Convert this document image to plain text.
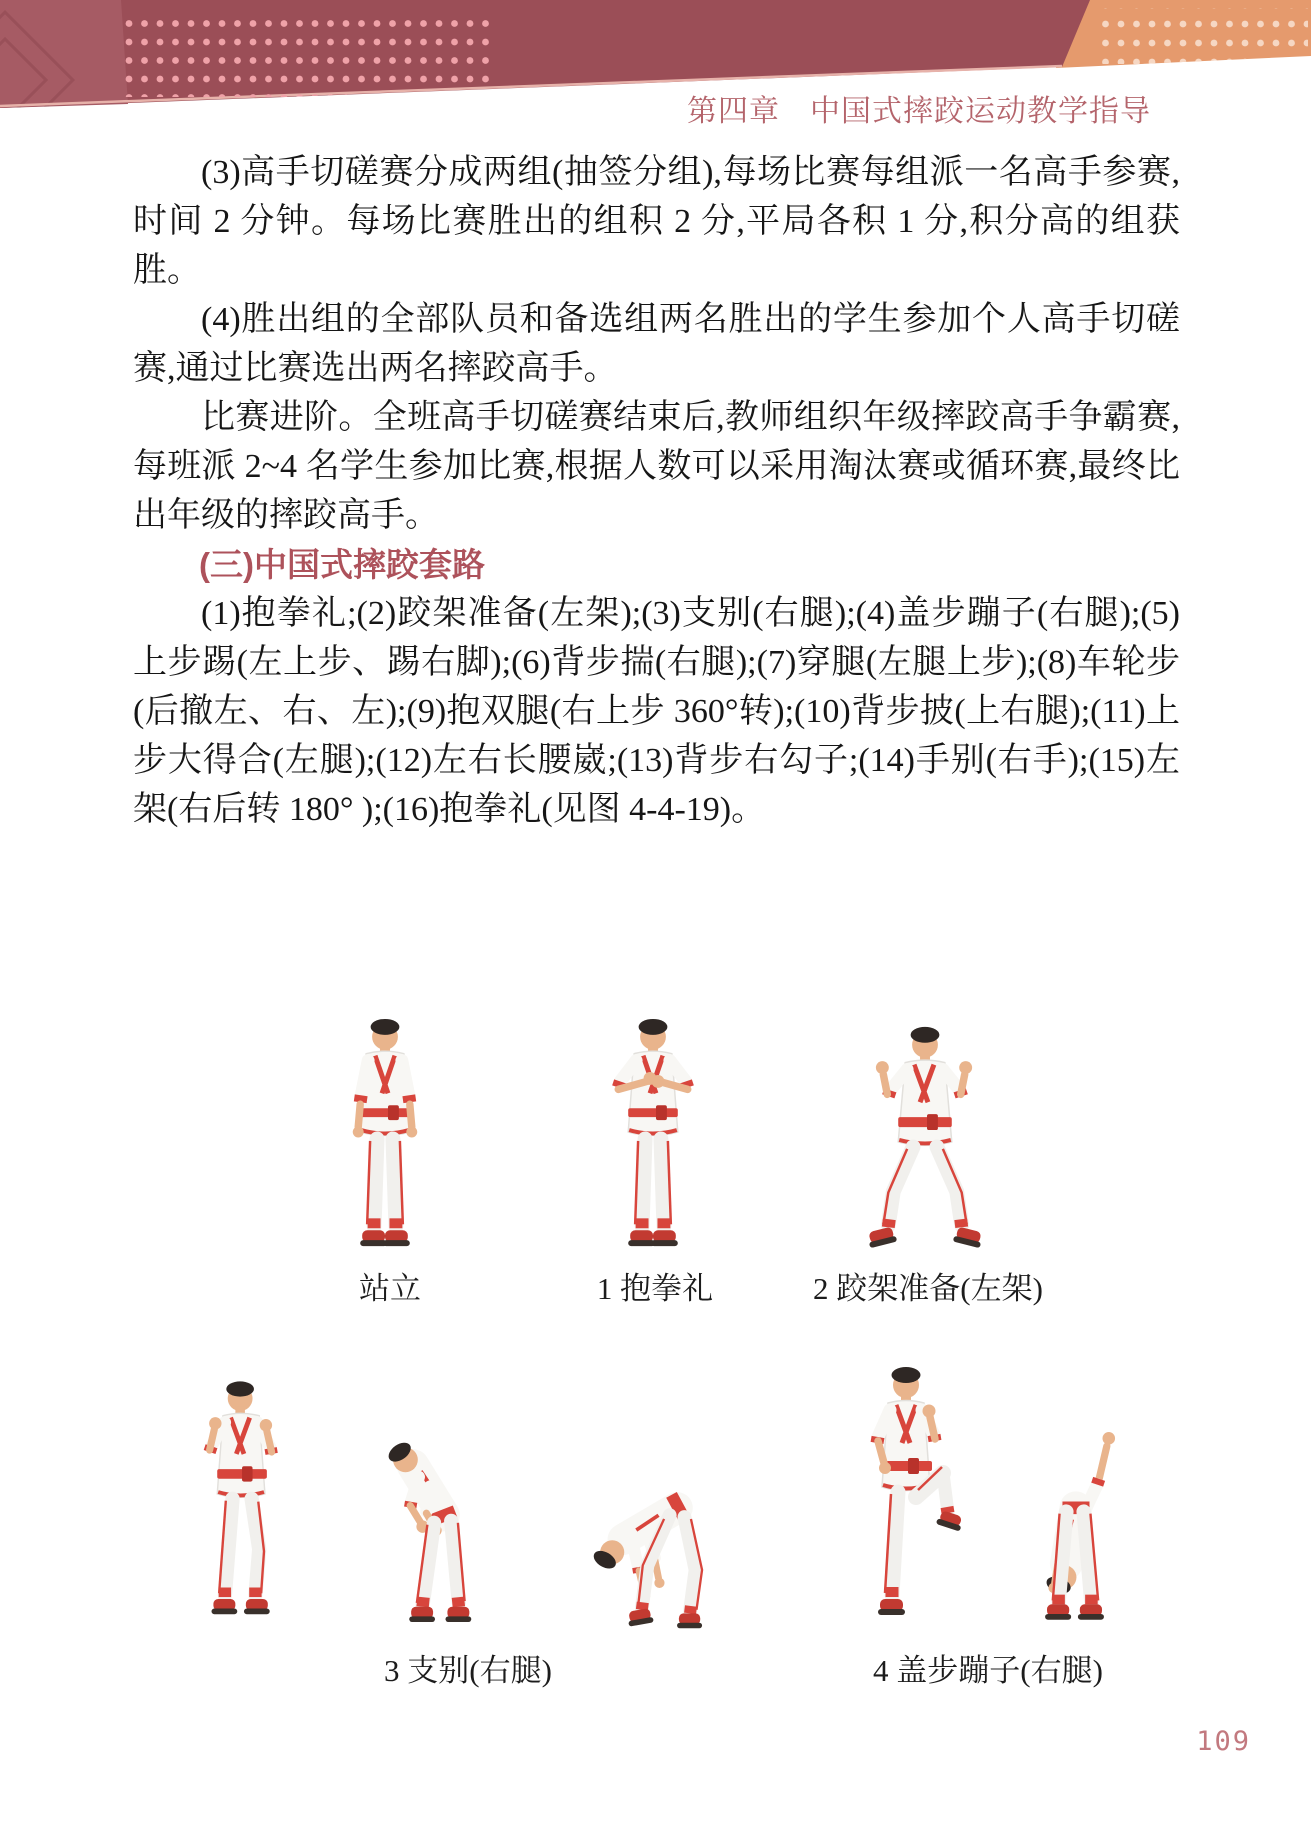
第四章 中国式摔跤运动教学指导

(3)高手切磋赛分成两组(抽签分组),每场比赛每组派一名高手参赛,时间 2 分钟。每场比赛胜出的组积 2 分,平局各积 1 分,积分高的组获胜。

(4)胜出组的全部队员和备选组两名胜出的学生参加个人高手切磋赛,通过比赛选出两名摔跤高手。

比赛进阶。全班高手切磋赛结束后,教师组织年级摔跤高手争霸赛,每班派 2~4 名学生参加比赛,根据人数可以采用淘汰赛或循环赛,最终比出年级的摔跤高手。

(三)中国式摔跤套路

(1)抱拳礼;(2)跤架准备(左架);(3)支别(右腿);(4)盖步蹦子(右腿);(5)上步踢(左上步、踢右脚);(6)背步揣(右腿);(7)穿腿(左腿上步);(8)车轮步(后撤左、右、左);(9)抱双腿(右上步 360°转);(10)背步披(上右腿);(11)上步大得合(左腿);(12)左右长腰崴;(13)背步右勾子;(14)手别(右手);(15)左架(右后转 180° );(16)抱拳礼(见图 4-4-19)。

站立	1 抱拳礼	2 跤架准备(左架)
3 支别(右腿)	4 盖步蹦子(右腿)
109
